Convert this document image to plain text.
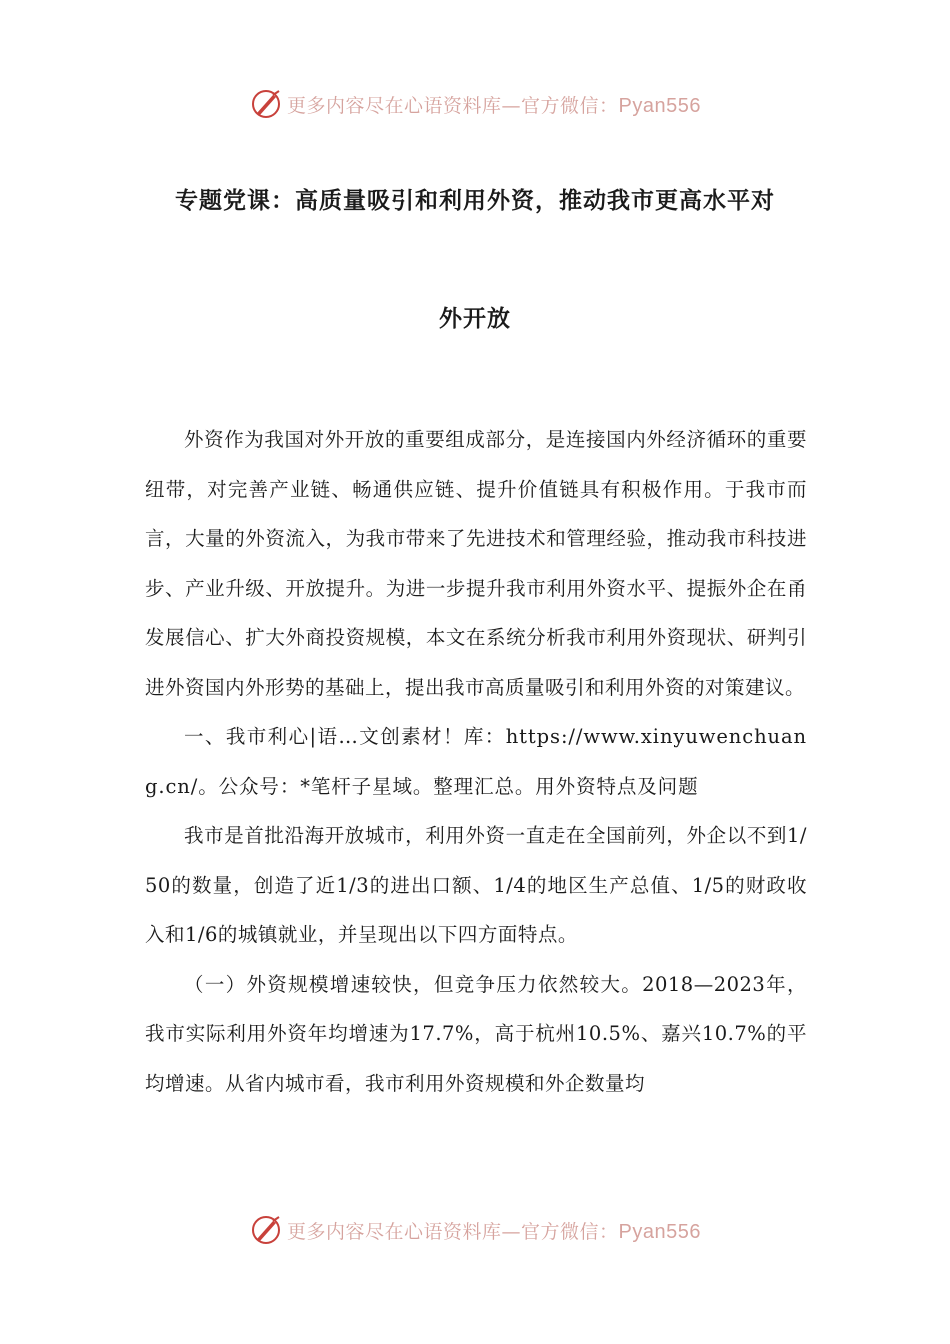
更多内容尽在心语资料库—官方微信：Pyan556
专题党课：高质量吸引和利用外资，推动我市更高水平对
外开放

外资作为我国对外开放的重要组成部分，是连接国内外经济循环的重要纽带，对完善产业链、畅通供应链、提升价值链具有积极作用。于我市而言，大量的外资流入，为我市带来了先进技术和管理经验，推动我市科技进步、产业升级、开放提升。为进一步提升我市利用外资水平、提振外企在甬发展信心、扩大外商投资规模，本文在系统分析我市利用外资现状、研判引进外资国内外形势的基础上，提出我市高质量吸引和利用外资的对策建议。

一、我市利心|语…文创素材！库：https://www.xinyuwenchuang.cn/。公众号：*笔杆子星域。整理汇总。用外资特点及问题

我市是首批沿海开放城市，利用外资一直走在全国前列，外企以不到1/50的数量，创造了近1/3的进出口额、1/4的地区生产总值、1/5的财政收入和1/6的城镇就业，并呈现出以下四方面特点。

（一）外资规模增速较快，但竞争压力依然较大。2018—2023年，我市实际利用外资年均增速为17.7%，高于杭州10.5%、嘉兴10.7%的平均增速。从省内城市看，我市利用外资规模和外企数量均

更多内容尽在心语资料库—官方微信：Pyan556
